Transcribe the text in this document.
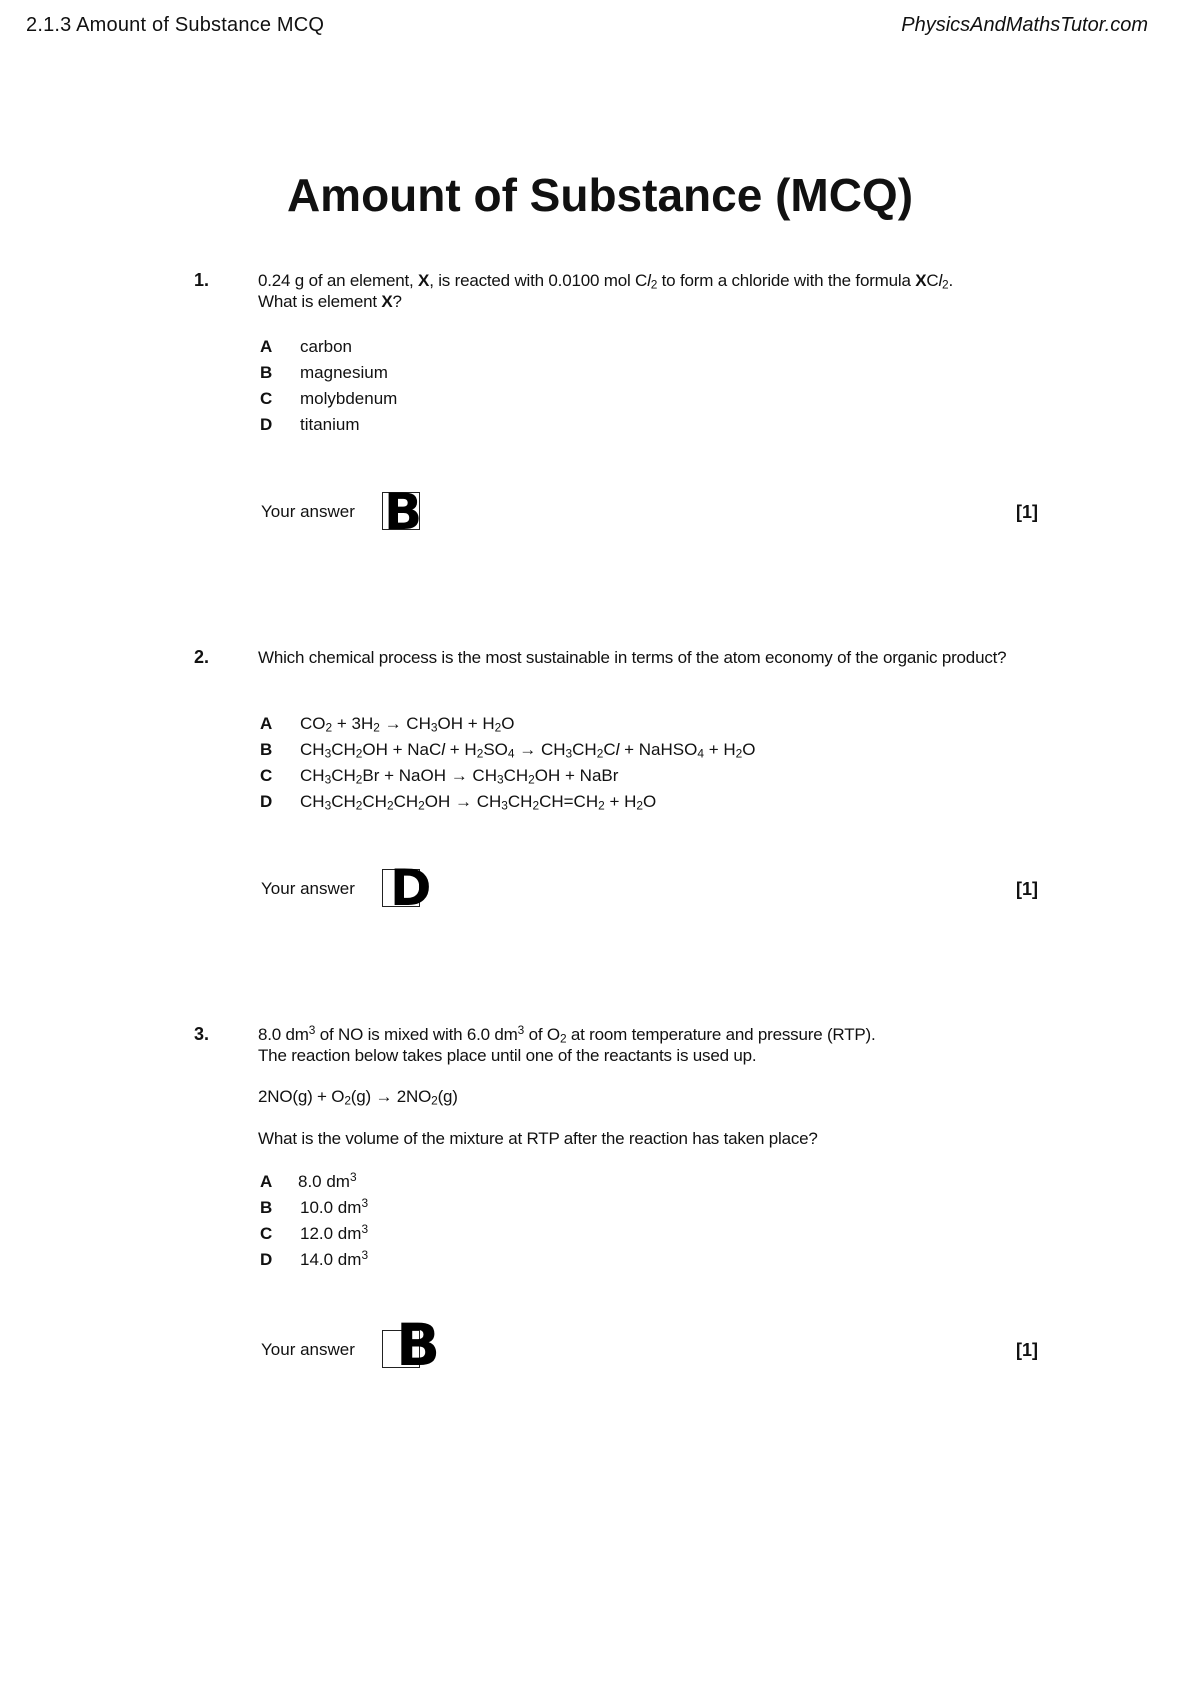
2.1.3 Amount of Substance MCQ	PhysicsAndMathsTutor.com
Amount of Substance (MCQ)
1.	0.24 g of an element, X, is reacted with 0.0100 mol $Cl_2$ to form a chloride with the formula XCl$_2$.
What is element X?
A	carbon
B	magnesium
C	molybdenum
D	titanium
Your answer B	[1]
2.	Which chemical process is the most sustainable in terms of the atom economy of the organic product?
A	$CO_2 + 3H_2 \to CH_3OH + H_2O$
B	$CH_3CH_2OH$ + NaCl + $H_2SO_4 \to CH_3CH_2Cl$ + NaHSO$_4$ + $H_2O$
C	$CH_3CH_2Br$ + NaOH → $CH_3CH_2OH$ + NaBr
D	$CH_3CH_2CH_2CH_2OH \to CH_3CH_2CH=CH_2 + H_2O$
Your answer D	[1]
3.	8.0 $dm^3$ of NO is mixed with 6.0 $dm^3$ of $O_2$ at room temperature and pressure (RTP).
The reaction below takes place until one of the reactants is used up.
$2NO(g) + O_2(g) \to 2NO_2(g)$
What is the volume of the mixture at RTP after the reaction has taken place?
A	8.0 $dm^3$
B	10.0 $dm^3$
C	12.0 $dm^3$
D	14.0 $dm^3$
Your answer B	[1]
